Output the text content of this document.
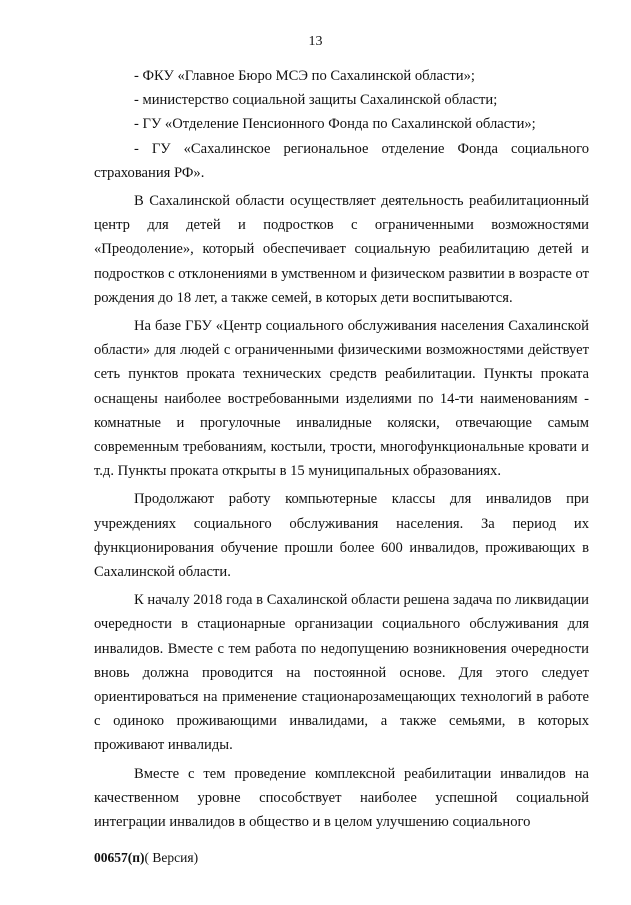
13

- ФКУ «Главное Бюро МСЭ по Сахалинской области»;

- министерство социальной защиты Сахалинской области;

- ГУ «Отделение Пенсионного Фонда по Сахалинской области»;

- ГУ «Сахалинское региональное отделение Фонда социального страхования РФ».

В Сахалинской области осуществляет деятельность реабилитационный центр для детей и подростков с ограниченными возможностями «Преодоление», который обеспечивает социальную реабилитацию детей и подростков с отклонениями в умственном и физическом развитии в возрасте от рождения до 18 лет, а также семей, в которых дети воспитываются.

На базе ГБУ «Центр социального обслуживания населения Сахалинской области» для людей с ограниченными физическими возможностями действует сеть пунктов проката технических средств реабилитации. Пункты проката оснащены наиболее востребованными изделиями по 14-ти наименованиям - комнатные и прогулочные инвалидные коляски, отвечающие самым современным требованиям, костыли, трости, многофункциональные кровати и т.д. Пункты проката открыты в 15 муниципальных образованиях.

Продолжают работу компьютерные классы для инвалидов при учреждениях социального обслуживания населения. За период их функционирования обучение прошли более 600 инвалидов, проживающих в Сахалинской области.

К началу 2018 года в Сахалинской области решена задача по ликвидации очередности в стационарные организации социального обслуживания для инвалидов. Вместе с тем работа по недопущению возникновения очередности вновь должна проводится на постоянной основе. Для этого следует ориентироваться на применение стационарозамещающих технологий в работе с одиноко проживающими инвалидами, а также семьями, в которых проживают инвалиды.

Вместе с тем проведение комплексной реабилитации инвалидов на качественном уровне способствует наиболее успешной социальной интеграции инвалидов в общество и в целом улучшению социального

00657(п)( Версия)
